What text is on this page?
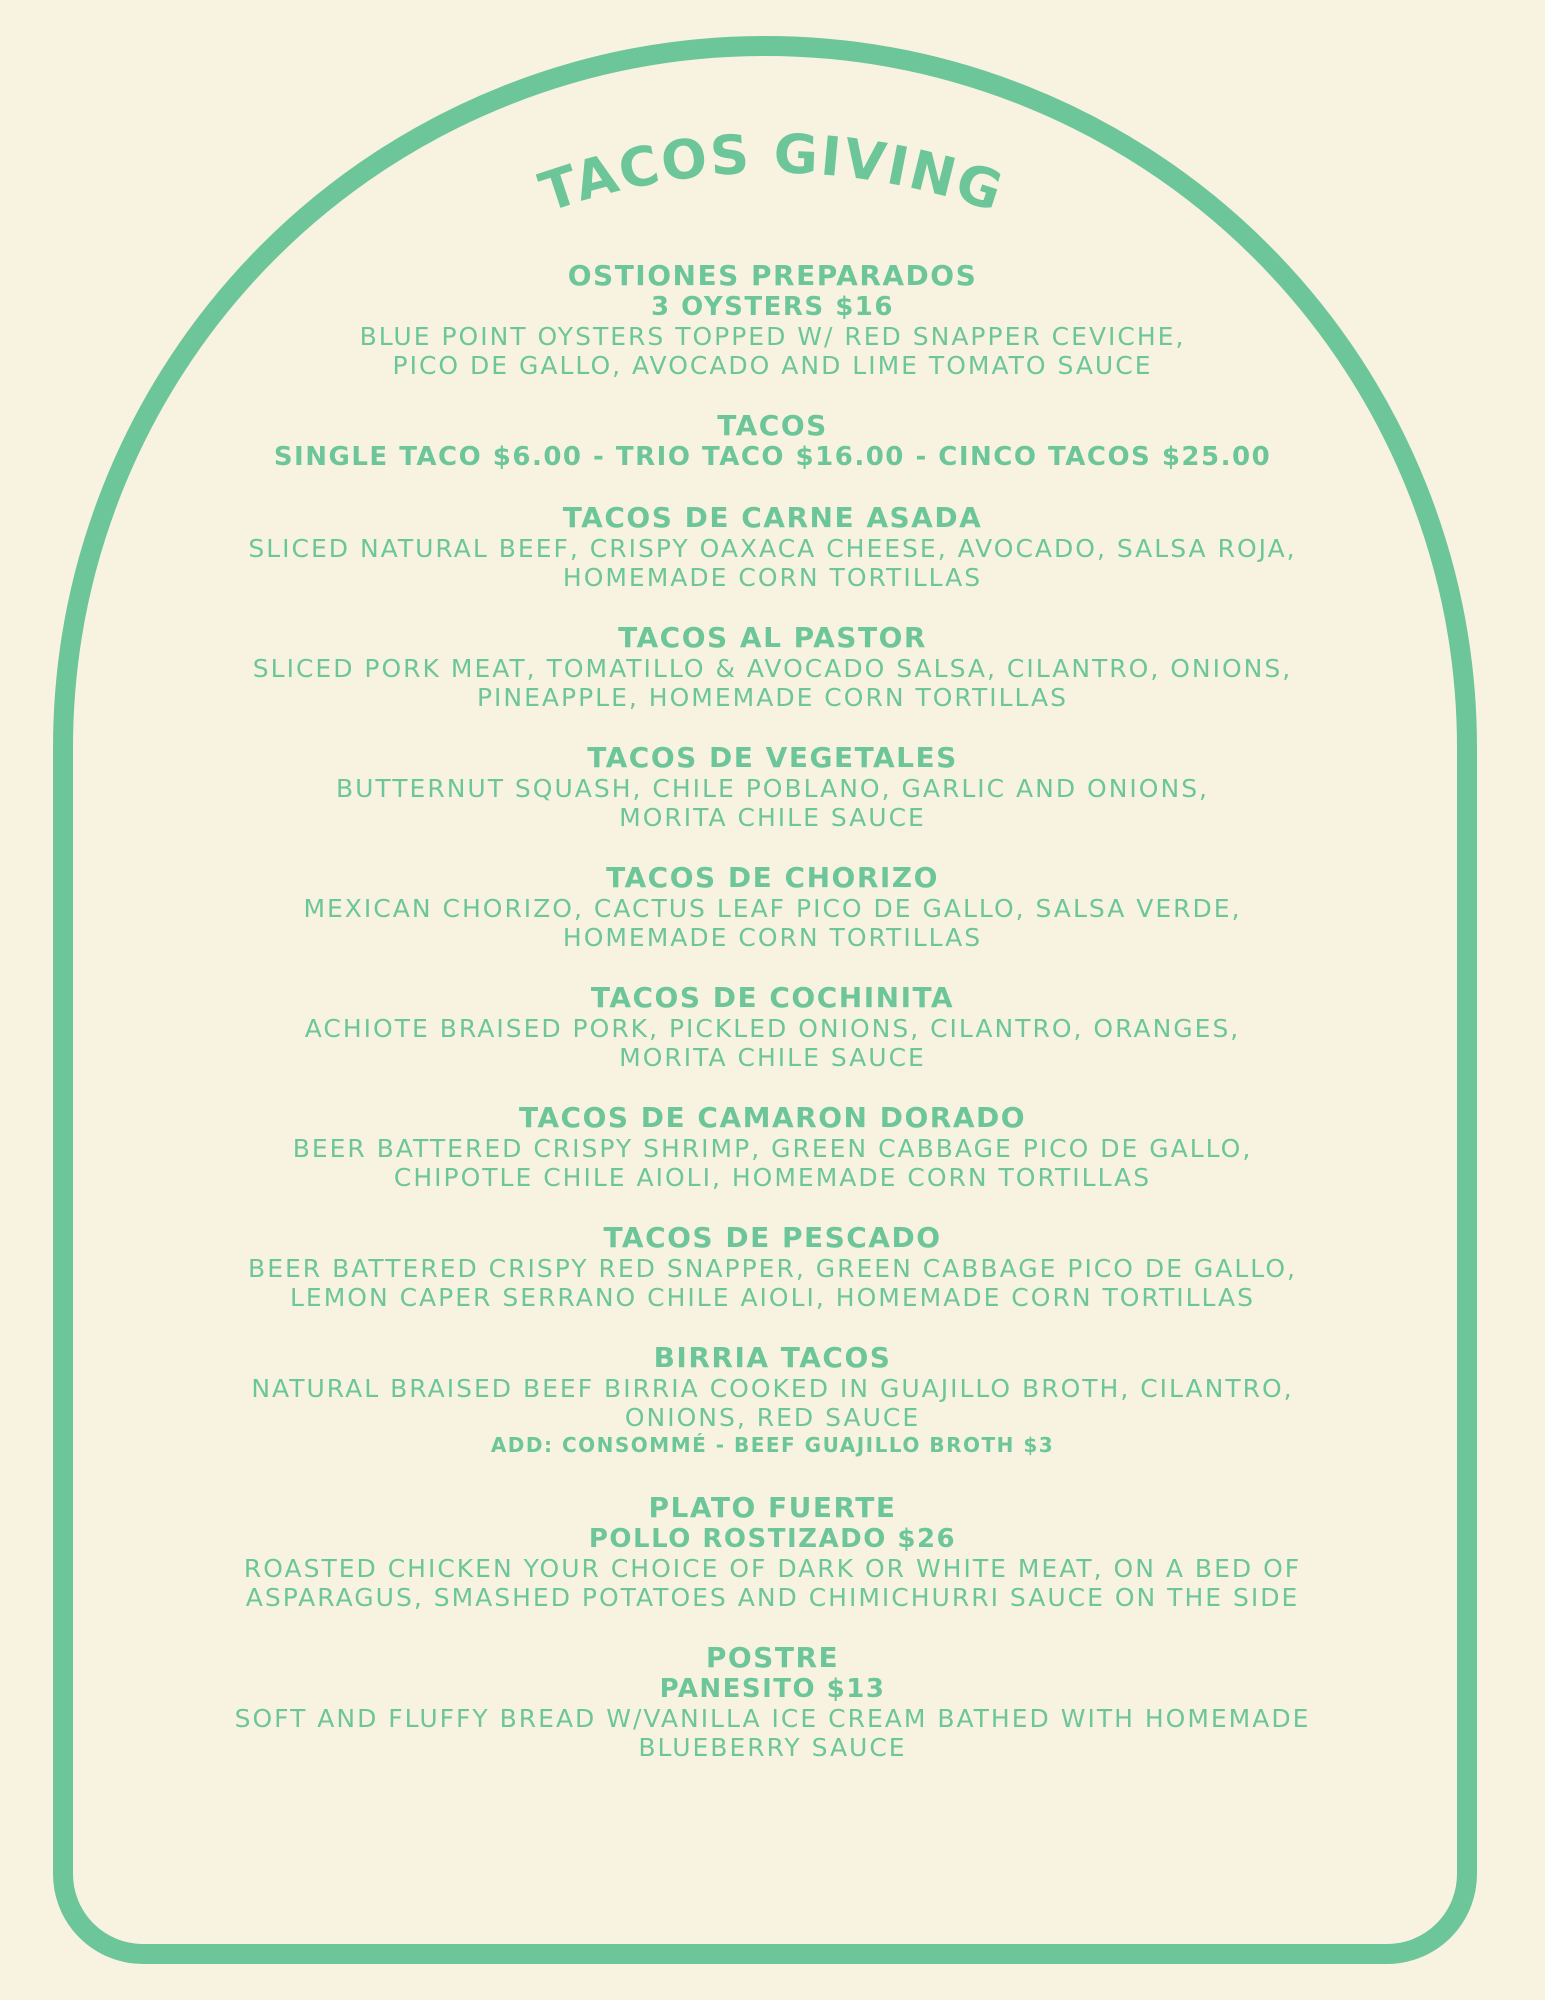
TACOS GIVING
OSTIONES PREPARADOS
3 OYSTERS $16
BLUE POINT OYSTERS TOPPED W/ RED SNAPPER CEVICHE,
PICO DE GALLO, AVOCADO AND LIME TOMATO SAUCE
TACOS
SINGLE TACO $6.00 - TRIO TACO $16.00 - CINCO TACOS $25.00
TACOS DE CARNE ASADA
SLICED NATURAL BEEF, CRISPY OAXACA CHEESE, AVOCADO, SALSA ROJA,
HOMEMADE CORN TORTILLAS
TACOS AL PASTOR
SLICED PORK MEAT, TOMATILLO & AVOCADO SALSA, CILANTRO, ONIONS,
PINEAPPLE, HOMEMADE CORN TORTILLAS
TACOS DE VEGETALES
BUTTERNUT SQUASH, CHILE POBLANO, GARLIC AND ONIONS,
MORITA CHILE SAUCE
TACOS DE CHORIZO
MEXICAN CHORIZO, CACTUS LEAF PICO DE GALLO, SALSA VERDE,
HOMEMADE CORN TORTILLAS
TACOS DE COCHINITA
ACHIOTE BRAISED PORK, PICKLED ONIONS, CILANTRO, ORANGES,
MORITA CHILE SAUCE
TACOS DE CAMARON DORADO
BEER BATTERED CRISPY SHRIMP, GREEN CABBAGE PICO DE GALLO,
CHIPOTLE CHILE AIOLI, HOMEMADE CORN TORTILLAS
TACOS DE PESCADO
BEER BATTERED CRISPY RED SNAPPER, GREEN CABBAGE PICO DE GALLO,
LEMON CAPER SERRANO CHILE AIOLI, HOMEMADE CORN TORTILLAS
BIRRIA TACOS
NATURAL BRAISED BEEF BIRRIA COOKED IN GUAJILLO BROTH, CILANTRO,
ONIONS, RED SAUCE
ADD: CONSOMMÉ - BEEF GUAJILLO BROTH $3
PLATO FUERTE
POLLO ROSTIZADO $26
ROASTED CHICKEN YOUR CHOICE OF DARK OR WHITE MEAT, ON A BED OF
ASPARAGUS, SMASHED POTATOES AND CHIMICHURRI SAUCE ON THE SIDE
POSTRE
PANESITO $13
SOFT AND FLUFFY BREAD W/VANILLA ICE CREAM BATHED WITH HOMEMADE
BLUEBERRY SAUCE
